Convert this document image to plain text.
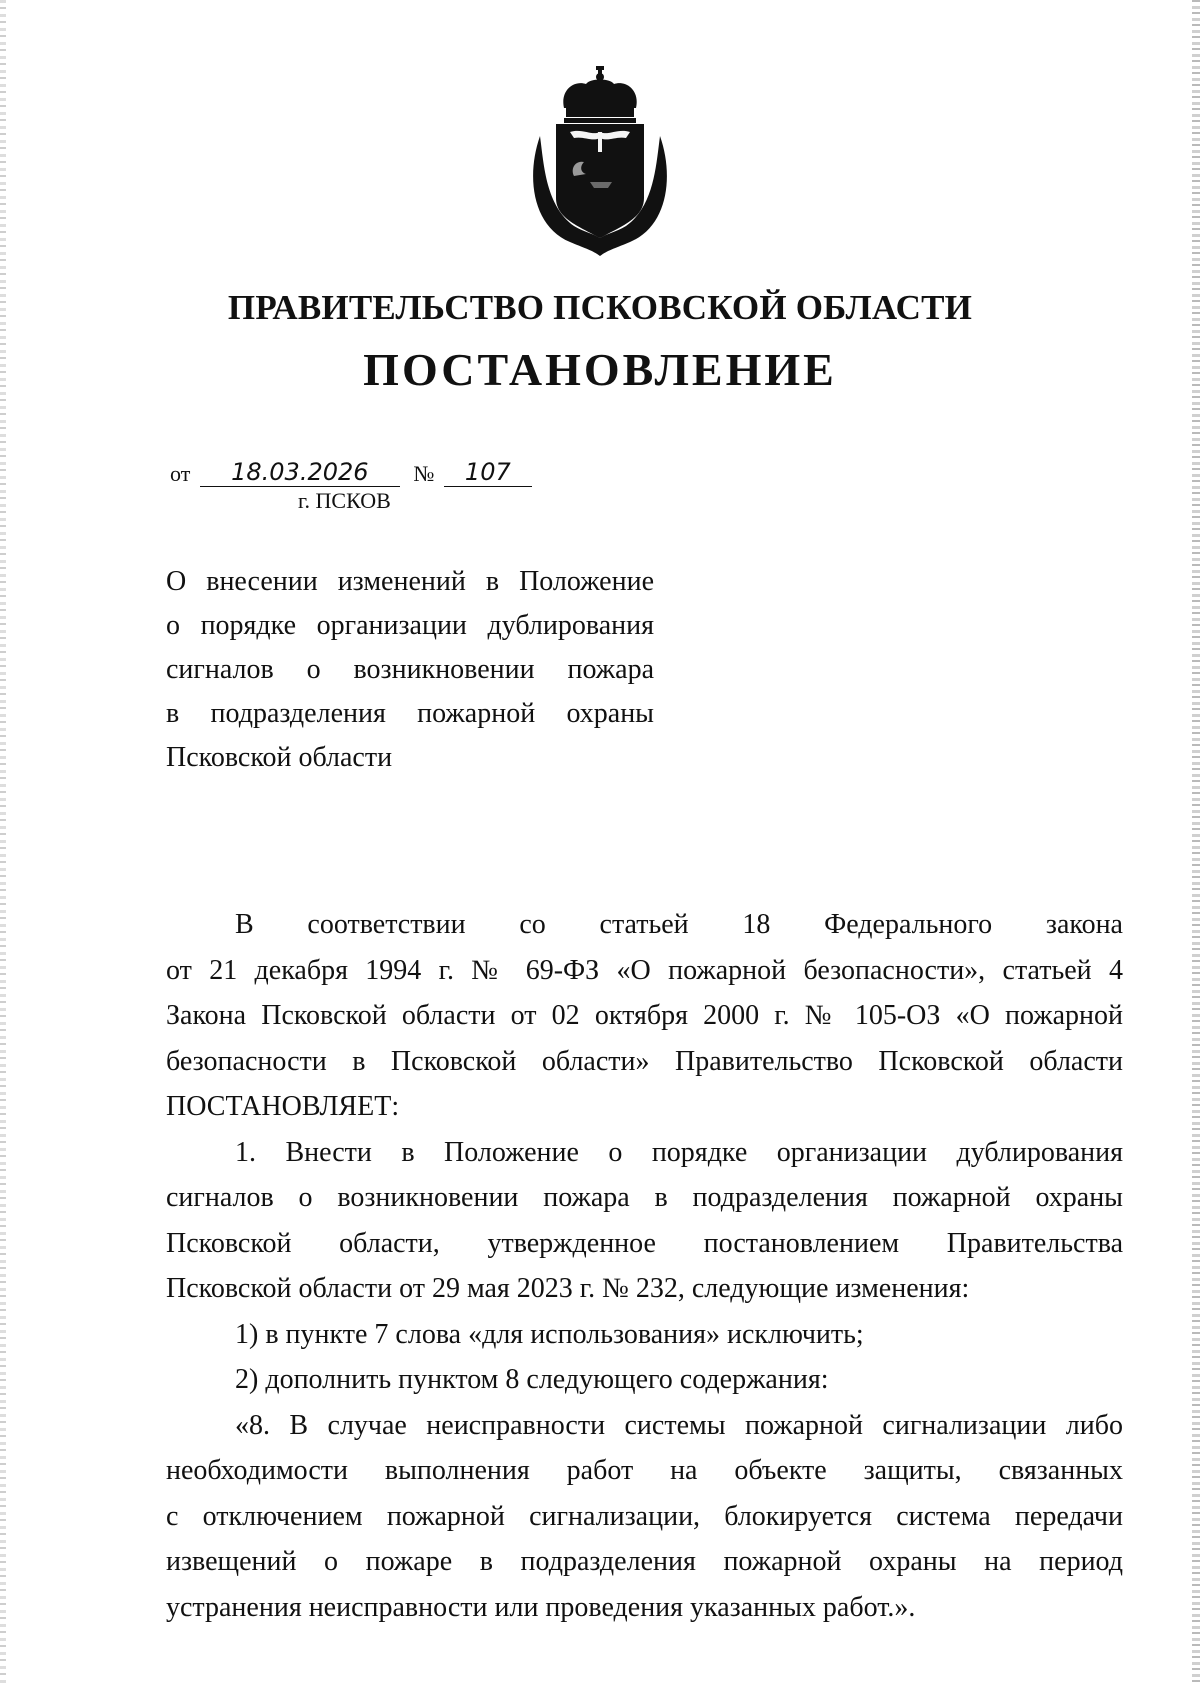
ПРАВИТЕЛЬСТВО ПСКОВСКОЙ ОБЛАСТИ
ПОСТАНОВЛЕНИЕ
от 18.03.2026 № 107
г. ПСКОВ
О внесении изменений в Положение
о порядке организации дублирования
сигналов о возникновении пожара
в подразделения пожарной охраны
Псковской области
В соответствии со статьей 18 Федерального закона
от 21 декабря 1994 г. № 69-ФЗ «О пожарной безопасности», статьей 4
Закона Псковской области от 02 октября 2000 г. № 105-ОЗ «О пожарной
безопасности в Псковской области» Правительство Псковской области
ПОСТАНОВЛЯЕТ:
1. Внести в Положение о порядке организации дублирования
сигналов о возникновении пожара в подразделения пожарной охраны
Псковской области, утвержденное постановлением Правительства
Псковской области от 29 мая 2023 г. № 232, следующие изменения:
1) в пункте 7 слова «для использования» исключить;
2) дополнить пунктом 8 следующего содержания:
«8. В случае неисправности системы пожарной сигнализации либо
необходимости выполнения работ на объекте защиты, связанных
с отключением пожарной сигнализации, блокируется система передачи
извещений о пожаре в подразделения пожарной охраны на период
устранения неисправности или проведения указанных работ.».
